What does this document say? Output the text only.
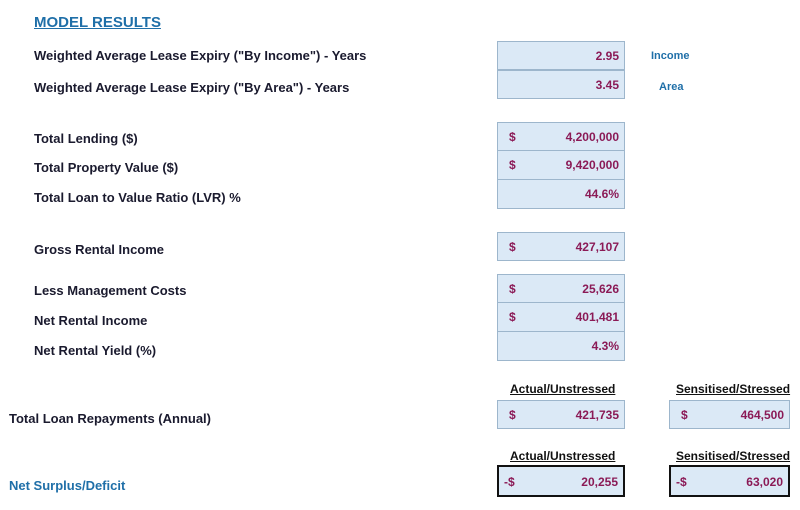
MODEL RESULTS
Weighted Average Lease Expiry ("By Income") - Years	2.95	Income
Weighted Average Lease Expiry ("By Area") - Years	3.45	Area
Total Lending ($)	$	4,200,000
Total Property Value ($)	$	9,420,000
Total Loan to Value Ratio (LVR) %	44.6%
Gross Rental Income	$	427,107
Less Management Costs	$	25,626
Net Rental Income	$	401,481
Net Rental Yield (%)	4.3%
Actual/Unstressed	Sensitised/Stressed
Total Loan Repayments (Annual)	$	421,735	$	464,500
Actual/Unstressed	Sensitised/Stressed
Net Surplus/Deficit	-$	20,255	-$	63,020
